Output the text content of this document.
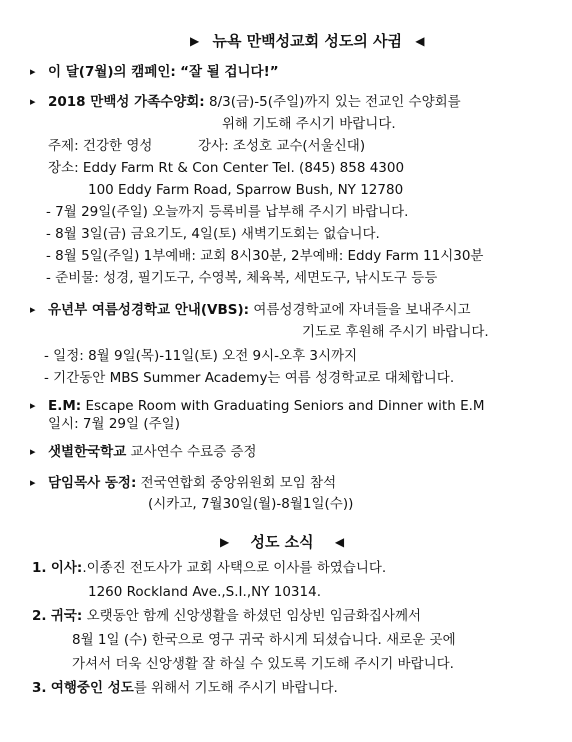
▶ 뉴욕 만백성교회 성도의 사귐 ◀
▸ 이 달(7월)의 캠페인: “잘 될 겁니다!”
▸ 2018 만백성 가족수양회: 8/3(금)-5(주일)까지 있는 전교인 수양회를
위해 기도해 주시기 바랍니다.
주제: 건강한 영성	강사: 조성호 교수(서울신대)
장소: Eddy Farm Rt & Con Center Tel. (845) 858 4300
100 Eddy Farm Road, Sparrow Bush, NY 12780
- 7월 29일(주일) 오늘까지 등록비를 납부해 주시기 바랍니다.
- 8월 3일(금) 금요기도, 4일(토) 새벽기도회는 없습니다.
- 8월 5일(주일) 1부예배: 교회 8시30분, 2부예배: Eddy Farm 11시30분
- 준비물: 성경, 필기도구, 수영복, 체육복, 세면도구, 낚시도구 등등
▸ 유년부 여름성경학교 안내(VBS): 여름성경학교에 자녀들을 보내주시고
기도로 후원해 주시기 바랍니다.
- 일정: 8월 9일(목)-11일(토) 오전 9시-오후 3시까지
- 기간동안 MBS Summer Academy는 여름 성경학교로 대체합니다.
▸ E.M: Escape Room with Graduating Seniors and Dinner with E.M
일시: 7월 29일 (주일)
▸ 샛별한국학교 교사연수 수료증 증정
▸ 담임목사 동정: 전국연합회 중앙위원회 모임 참석
(시카고, 7월30일(월)-8월1일(수))
▶ 성도 소식 ◀
1. 이사:.이종진 전도사가 교회 사택으로 이사를 하였습니다.
1260 Rockland Ave.,S.I.,NY 10314.
2. 귀국: 오랫동안 함께 신앙생활을 하셨던 임상빈 임금화집사께서
8월 1일 (수) 한국으로 영구 귀국 하시게 되셨습니다. 새로운 곳에
가셔서 더욱 신앙생활 잘 하실 수 있도록 기도해 주시기 바랍니다.
3. 여행중인 성도를 위해서 기도해 주시기 바랍니다.
